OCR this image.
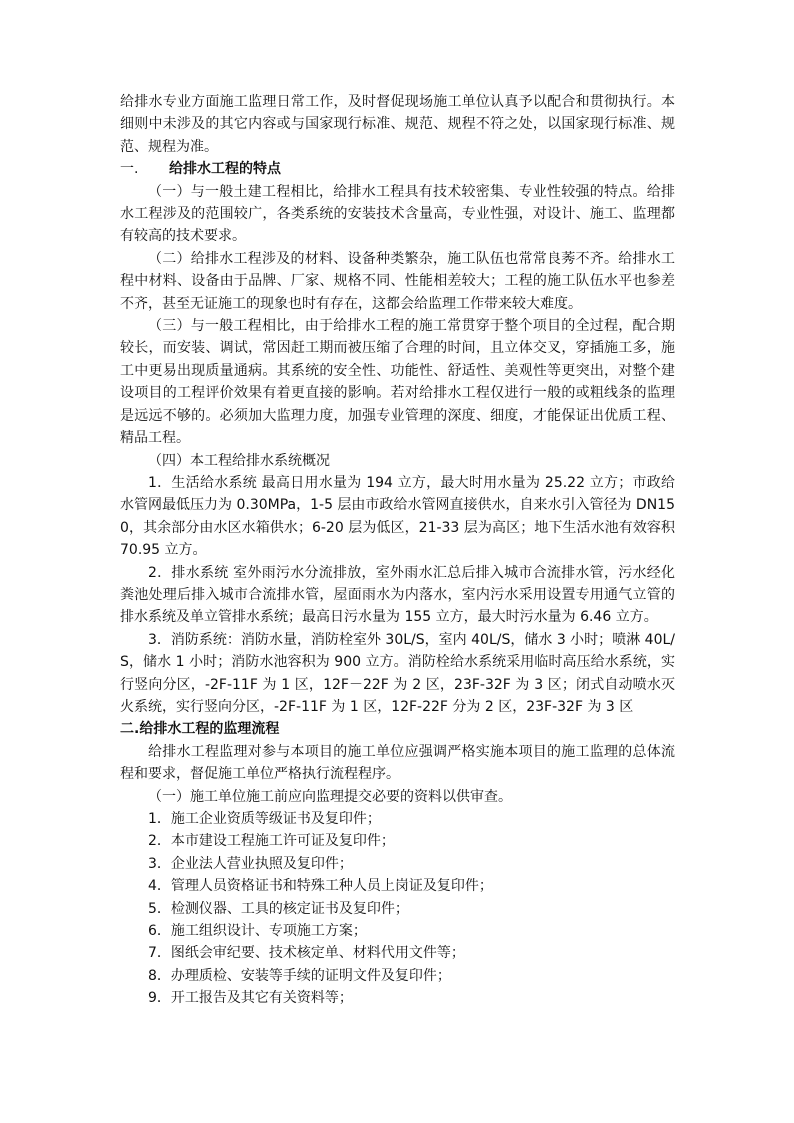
给排水专业方面施工监理日常工作，及时督促现场施工单位认真予以配合和贯彻执行。本细则中未涉及的其它内容或与国家现行标准、规范、规程不符之处，以国家现行标准、规范、规程为准。

一. 给排水工程的特点

（一）与一般土建工程相比，给排水工程具有技术较密集、专业性较强的特点。给排水工程涉及的范围较广，各类系统的安装技术含量高，专业性强，对设计、施工、监理都有较高的技术要求。

（二）给排水工程涉及的材料、设备种类繁杂，施工队伍也常常良莠不齐。给排水工程中材料、设备由于品牌、厂家、规格不同、性能相差较大；工程的施工队伍水平也参差不齐，甚至无证施工的现象也时有存在，这都会给监理工作带来较大难度。

（三）与一般工程相比，由于给排水工程的施工常贯穿于整个项目的全过程，配合期较长，而安装、调试，常因赶工期而被压缩了合理的时间，且立体交叉，穿插施工多，施工中更易出现质量通病。其系统的安全性、功能性、舒适性、美观性等更突出，对整个建设项目的工程评价效果有着更直接的影响。若对给排水工程仅进行一般的或粗线条的监理是远远不够的。必须加大监理力度，加强专业管理的深度、细度，才能保证出优质工程、精品工程。

（四）本工程给排水系统概况

1．生活给水系统 最高日用水量为 194 立方，最大时用水量为 25.22 立方；市政给水管网最低压力为 0.30MPa，1-5 层由市政给水管网直接供水，自来水引入管径为 DN150，其余部分由水区水箱供水；6-20 层为低区，21-33 层为高区；地下生活水池有效容积 70.95 立方。

2．排水系统 室外雨污水分流排放，室外雨水汇总后排入城市合流排水管，污水经化粪池处理后排入城市合流排水管，屋面雨水为内落水，室内污水采用设置专用通气立管的排水系统及单立管排水系统；最高日污水量为 155 立方，最大时污水量为 6.46 立方。

3．消防系统：消防水量，消防栓室外 30L/S，室内 40L/S，储水 3 小时；喷淋 40L/S，储水 1 小时；消防水池容积为 900 立方。消防栓给水系统采用临时高压给水系统，实行竖向分区，-2F-11F 为 1 区，12F－22F 为 2 区，23F-32F 为 3 区；闭式自动喷水灭火系统，实行竖向分区，-2F-11F 为 1 区，12F-22F 分为 2 区，23F-32F 为 3 区

二.给排水工程的监理流程

给排水工程监理对参与本项目的施工单位应强调严格实施本项目的施工监理的总体流程和要求，督促施工单位严格执行流程程序。

（一）施工单位施工前应向监理提交必要的资料以供审查。

1．施工企业资质等级证书及复印件；

2．本市建设工程施工许可证及复印件；

3．企业法人营业执照及复印件；

4．管理人员资格证书和特殊工种人员上岗证及复印件；

5．检测仪器、工具的核定证书及复印件；

6．施工组织设计、专项施工方案；

7．图纸会审纪要、技术核定单、材料代用文件等；

8．办理质检、安装等手续的证明文件及复印件；

9．开工报告及其它有关资料等；
